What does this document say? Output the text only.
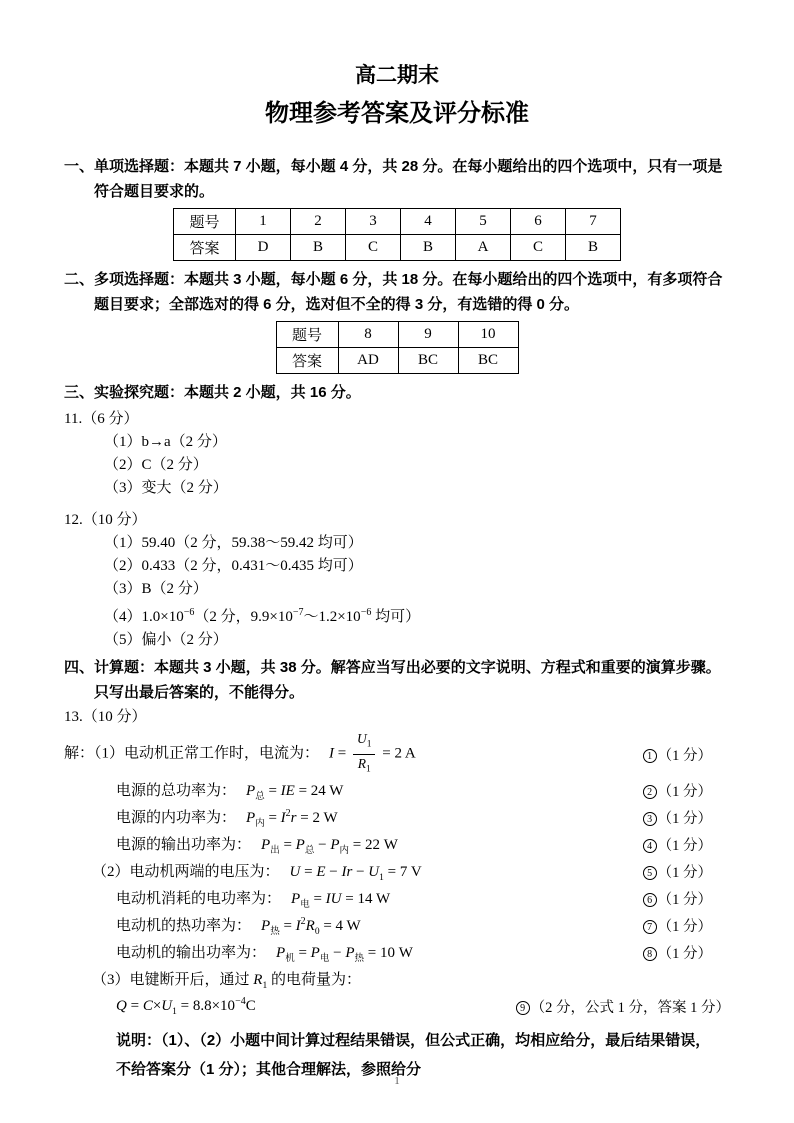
高二期末
物理参考答案及评分标准
一、单项选择题：本题共 7 小题，每小题 4 分，共 28 分。在每小题给出的四个选项中，只有一项是符合题目要求的。
题号	1	2	3	4	5	6	7
答案	D	B	C	B	A	C	B
二、多项选择题：本题共 3 小题，每小题 6 分，共 18 分。在每小题给出的四个选项中，有多项符合题目要求；全部选对的得 6 分，选对但不全的得 3 分，有选错的得 0 分。
题号	8	9	10
答案	AD	BC	BC
三、实验探究题：本题共 2 小题，共 16 分。
11.（6 分）
（1）b→a（2 分）
（2）C（2 分）
（3）变大（2 分）
12.（10 分）
（1）59.40（2 分，59.38～59.42 均可）
（2）0.433（2 分，0.431～0.435 均可）
（3）B（2 分）
$(4)1.0\times 10^{-6}(2$ 分，$9.9\times 10^{-7}\sim 1.2\times 10^{-6}$ 均可）
（5）偏小（2 分）
四、计算题：本题共 3 小题，共 38 分。解答应当写出必要的文字说明、方程式和重要的演算步骤。只写出最后答案的，不能得分。
13.（10 分）
解：（1）电动机正常工作时，电流为： $I = \frac{U_1}{R_1} = 2$ A	1 （1 分）
电源的总功率为： $P_总$ = IE = 24 W	2 （1 分）
电源的内功率为： $P_内 = I^2r = 2$ W	3 （1 分）
电源的输出功率为： $P_出 = P_总 - P_内 = 22$ W	4 （1 分）
（2）电动机两端的电压为： $U = E - Ir - U_1 = 7$ V	5 （1 分）
电动机消耗的电功率为： $P_电$ = IU = 14 W	6 （1 分）
电动机的热功率为： $P_热 = I^2R_0 = 4$ W	7 （1 分）
电动机的输出功率为： $P_机 = P_电 - P_热 = 10$ W	8 （1 分）
（3）电键断开后，通过 $R_1$ 的电荷量为：
$Q = C\times U_1 = 8.8\times 10^{-4}C$	9 （2 分，公式 1 分，答案 1 分）
说明：（1）、（2）小题中间计算过程结果错误，但公式正确，均相应给分，最后结果错误，不给答案分（1 分）；其他合理解法，参照给分
1
